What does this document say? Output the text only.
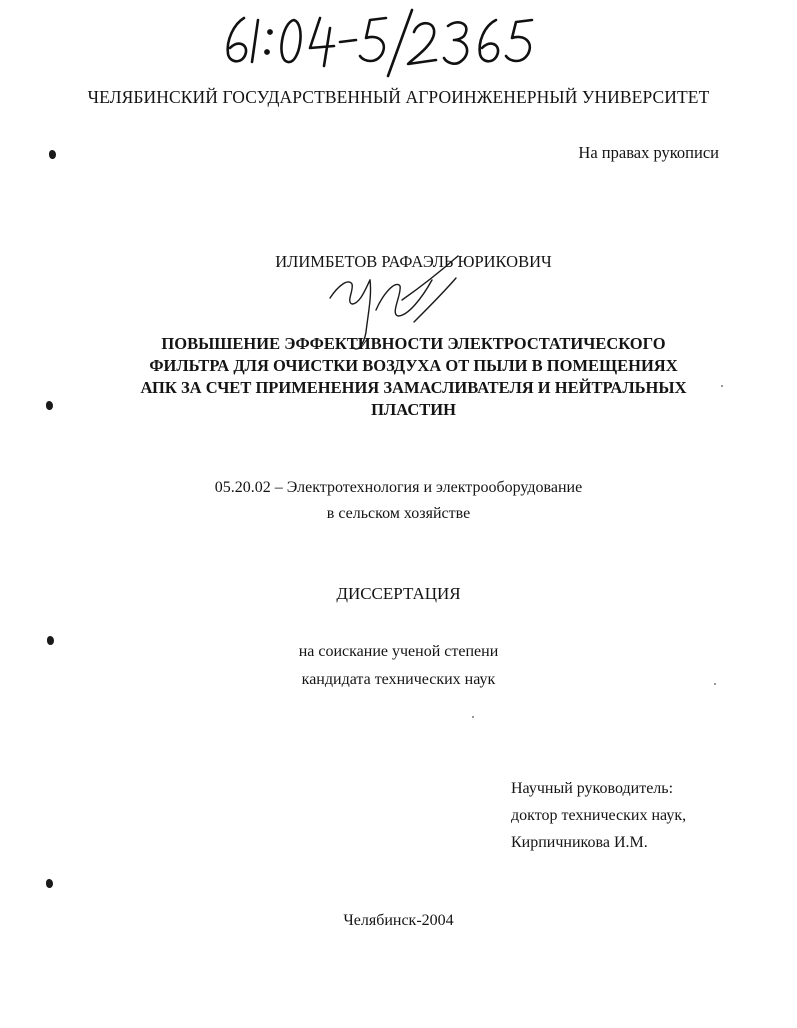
ЧЕЛЯБИНСКИЙ ГОСУДАРСТВЕННЫЙ АГРОИНЖЕНЕРНЫЙ УНИВЕРСИТЕТ
На правах рукописи
ИЛИМБЕТОВ РАФАЭЛЬ ЮРИКОВИЧ
ПОВЫШЕНИЕ ЭФФЕКТИВНОСТИ ЭЛЕКТРОСТАТИЧЕСКОГО
ФИЛЬТРА ДЛЯ ОЧИСТКИ ВОЗДУХА ОТ ПЫЛИ В ПОМЕЩЕНИЯХ
АПК ЗА СЧЕТ ПРИМЕНЕНИЯ ЗАМАСЛИВАТЕЛЯ И НЕЙТРАЛЬНЫХ
ПЛАСТИН
05.20.02 – Электротехнология и электрооборудование
в сельском хозяйстве
ДИССЕРТАЦИЯ
на соискание ученой степени
кандидата технических наук
Научный руководитель:
доктор технических наук,
Кирпичникова И.М.
Челябинск-2004
